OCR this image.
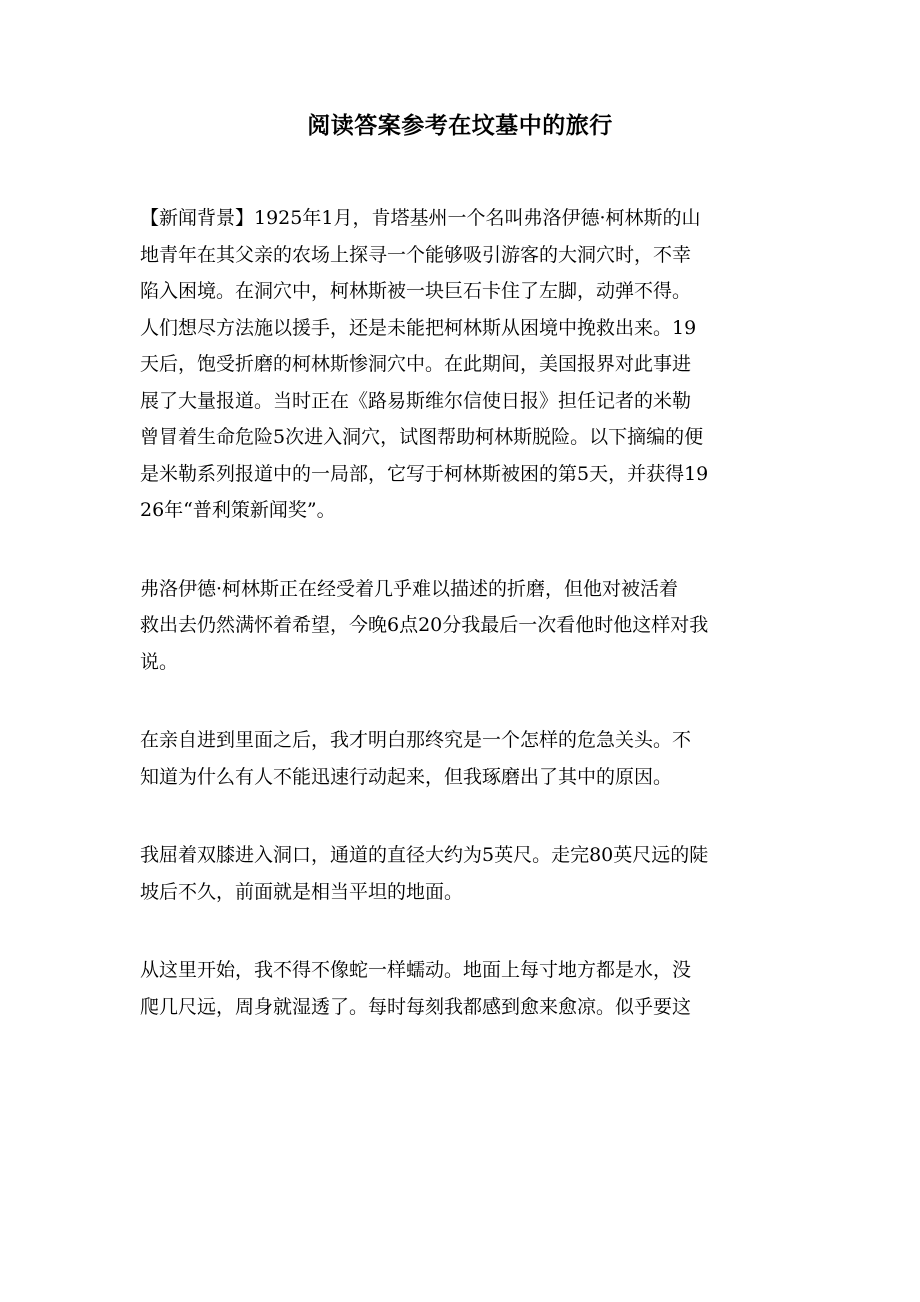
阅读答案参考在坟墓中的旅行

【新闻背景】1925年1月，肯塔基州一个名叫弗洛伊德·柯林斯的山
地青年在其父亲的农场上探寻一个能够吸引游客的大洞穴时，不幸
陷入困境。在洞穴中，柯林斯被一块巨石卡住了左脚，动弹不得。
人们想尽方法施以援手，还是未能把柯林斯从困境中挽救出来。19
天后，饱受折磨的柯林斯惨洞穴中。在此期间，美国报界对此事进
展了大量报道。当时正在《路易斯维尔信使日报》担任记者的米勒
曾冒着生命危险5次进入洞穴，试图帮助柯林斯脱险。以下摘编的便
是米勒系列报道中的一局部，它写于柯林斯被困的第5天，并获得19
26年“普利策新闻奖”。

弗洛伊德·柯林斯正在经受着几乎难以描述的折磨，但他对被活着
救出去仍然满怀着希望，今晚6点20分我最后一次看他时他这样对我
说。

在亲自进到里面之后，我才明白那终究是一个怎样的危急关头。不
知道为什么有人不能迅速行动起来，但我琢磨出了其中的原因。

我屈着双膝进入洞口，通道的直径大约为5英尺。走完80英尺远的陡
坡后不久，前面就是相当平坦的地面。

从这里开始，我不得不像蛇一样蠕动。地面上每寸地方都是水，没
爬几尺远，周身就湿透了。每时每刻我都感到愈来愈凉。似乎要这
